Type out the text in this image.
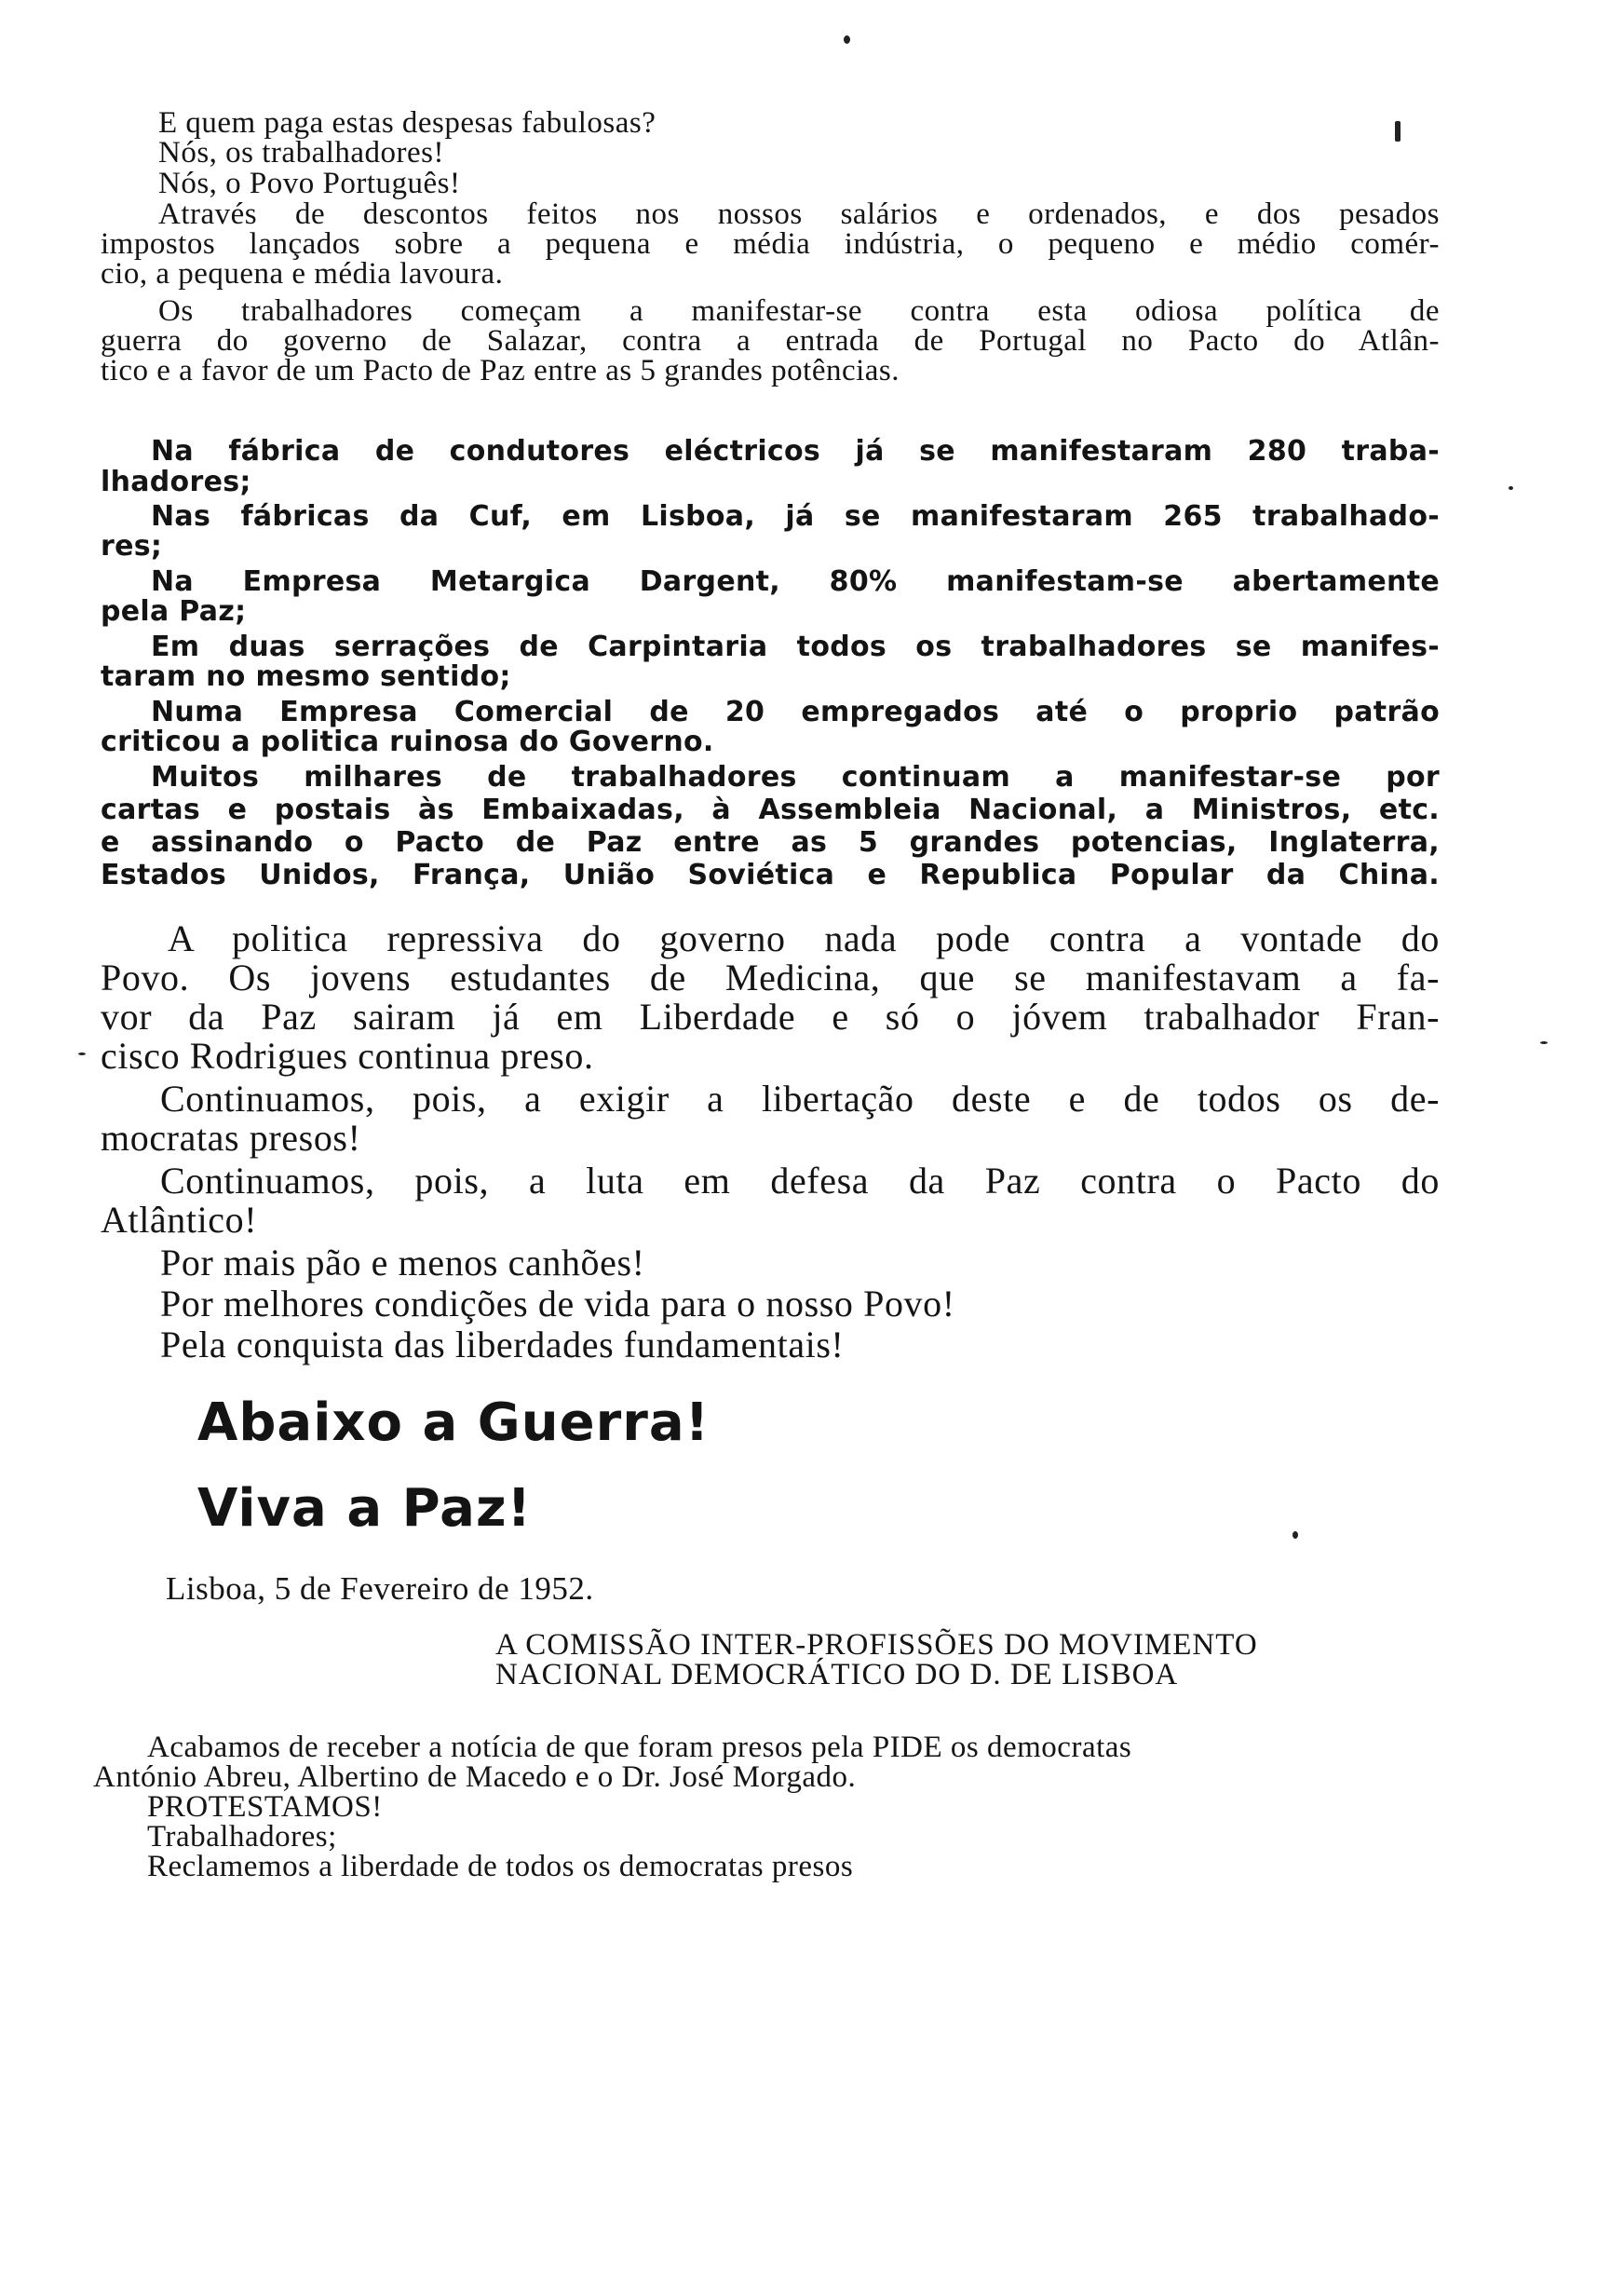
E quem paga estas despesas fabulosas?
Nós, os trabalhadores!
Nós, o Povo Português!
Através de descontos feitos nos nossos salários e ordenados, e dos pesados
impostos lançados sobre a pequena e média indústria, o pequeno e médio comér-
cio, a pequena e média lavoura.
Os trabalhadores começam a manifestar-se contra esta odiosa política de
guerra do governo de Salazar, contra a entrada de Portugal no Pacto do Atlân-
tico e a favor de um Pacto de Paz entre as 5 grandes potências.
Na fábrica de condutores eléctricos já se manifestaram 280 traba-
lhadores;
Nas fábricas da Cuf, em Lisboa, já se manifestaram 265 trabalhado-
res;
Na Empresa Metargica Dargent, 80% manifestam-se abertamente
pela Paz;
Em duas serrações de Carpintaria todos os trabalhadores se manifes-
taram no mesmo sentido;
Numa Empresa Comercial de 20 empregados até o proprio patrão
criticou a politica ruinosa do Governo.
Muitos milhares de trabalhadores continuam a manifestar-se por
cartas e postais às Embaixadas, à Assembleia Nacional, a Ministros, etc.
e assinando o Pacto de Paz entre as 5 grandes potencias, Inglaterra,
Estados Unidos, França, União Soviética e Republica Popular da China.
A politica repressiva do governo nada pode contra a vontade do
Povo. Os jovens estudantes de Medicina, que se manifestavam a fa-
vor da Paz sairam já em Liberdade e só o jóvem trabalhador Fran-
cisco Rodrigues continua preso.
Continuamos, pois, a exigir a libertação deste e de todos os de-
mocratas presos!
Continuamos, pois, a luta em defesa da Paz contra o Pacto do
Atlântico!
Por mais pão e menos canhões!
Por melhores condições de vida para o nosso Povo!
Pela conquista das liberdades fundamentais!
Abaixo a Guerra!
Viva a Paz!
Lisboa, 5 de Fevereiro de 1952.
A COMISSÃO INTER-PROFISSÕES DO MOVIMENTO
NACIONAL DEMOCRÁTICO DO D. DE LISBOA
Acabamos de receber a notícia de que foram presos pela PIDE os democratas
António Abreu, Albertino de Macedo e o Dr. José Morgado.
PROTESTAMOS!
Trabalhadores;
Reclamemos a liberdade de todos os democratas presos
